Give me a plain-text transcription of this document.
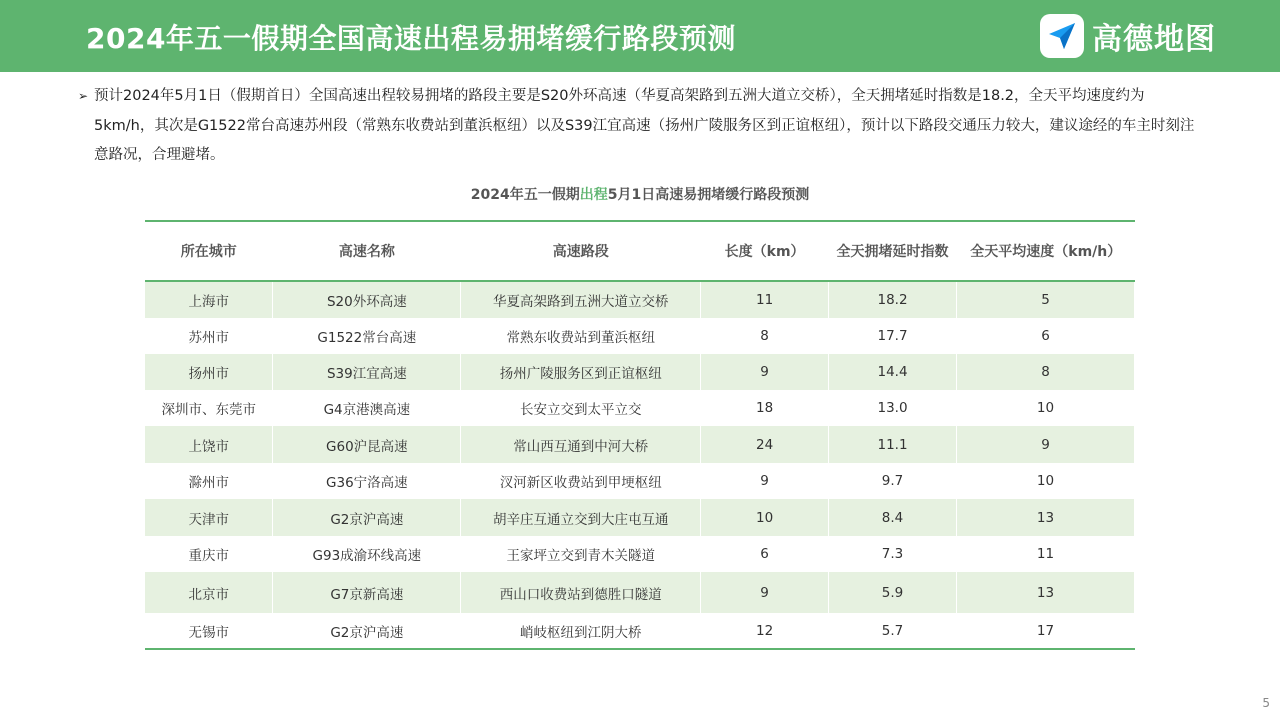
2024年五一假期全国高速出程易拥堵缓行路段预测	高德地图
➢ 预计2024年5月1日（假期首日）全国高速出程较易拥堵的路段主要是S20外环高速（华夏高架路到五洲大道立交桥），全天拥堵延时指数是18.2，全天平均速度约为5km/h，其次是G1522常台高速苏州段（常熟东收费站到董浜枢纽）以及S39江宜高速（扬州广陵服务区到正谊枢纽），预计以下路段交通压力较大，建议途经的车主时刻注意路况，合理避堵。
2024年五一假期出程5月1日高速易拥堵缓行路段预测
所在城市	高速名称	高速路段	长度（km）	全天拥堵延时指数	全天平均速度（km/h）
上海市	S20外环高速	华夏高架路到五洲大道立交桥	11	18.2	5
苏州市	G1522常台高速	常熟东收费站到董浜枢纽	8	17.7	6
扬州市	S39江宜高速	扬州广陵服务区到正谊枢纽	9	14.4	8
深圳市、东莞市	G4京港澳高速	长安立交到太平立交	18	13.0	10
上饶市	G60沪昆高速	常山西互通到中河大桥	24	11.1	9
滁州市	G36宁洛高速	汊河新区收费站到甲埂枢纽	9	9.7	10
天津市	G2京沪高速	胡辛庄互通立交到大庄屯互通	10	8.4	13
重庆市	G93成渝环线高速	王家坪立交到青木关隧道	6	7.3	11
北京市	G7京新高速	西山口收费站到德胜口隧道	9	5.9	13
无锡市	G2京沪高速	峭岐枢纽到江阴大桥	12	5.7	17
5
